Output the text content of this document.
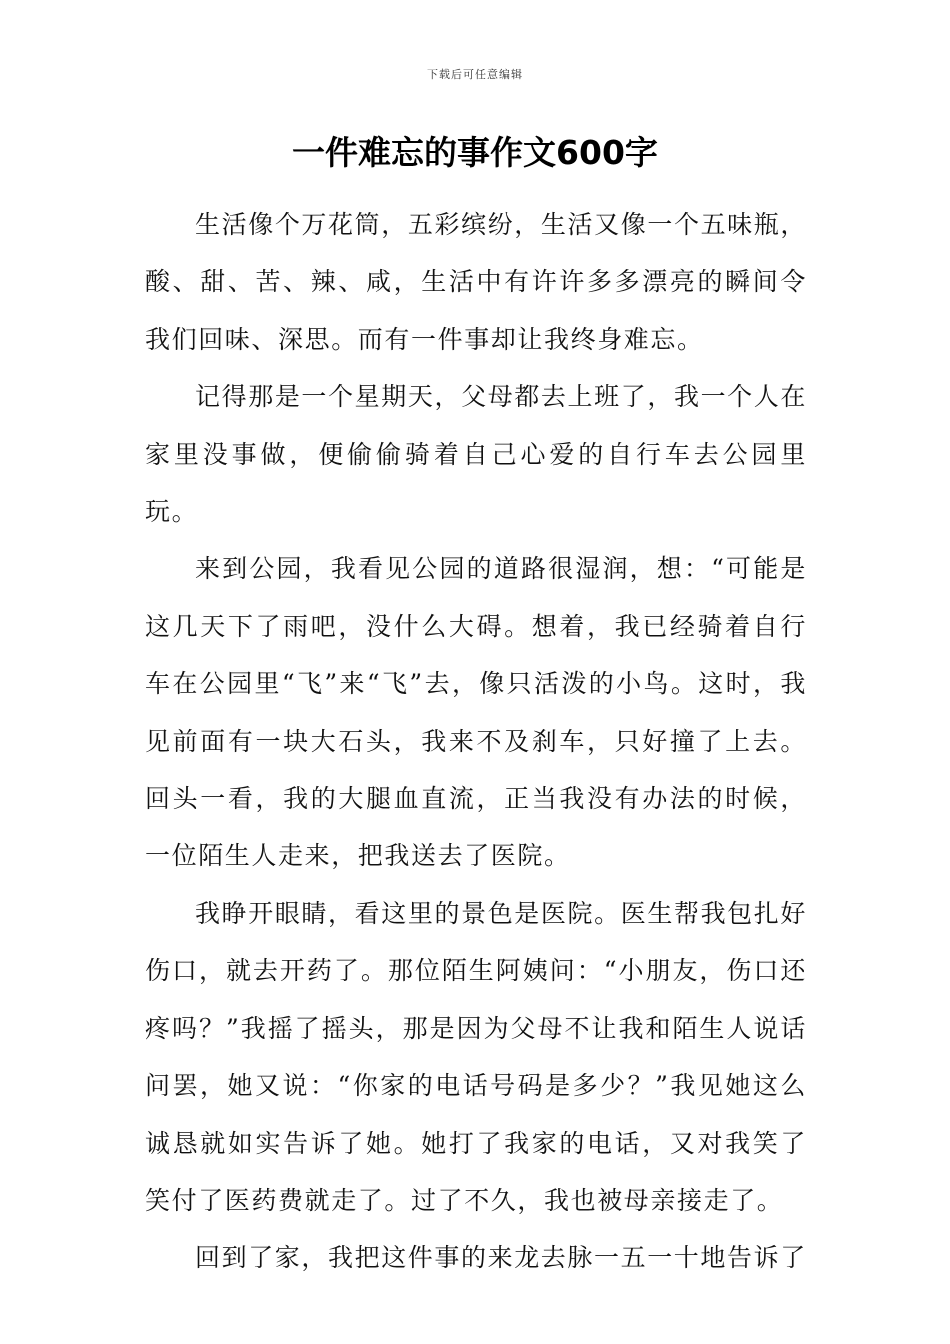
下载后可任意编辑
一件难忘的事作文600字

生活像个万花筒，五彩缤纷，生活又像一个五味瓶，酸、甜、苦、辣、咸，生活中有许许多多漂亮的瞬间令我们回味、深思。而有一件事却让我终身难忘。

记得那是一个星期天，父母都去上班了，我一个人在家里没事做，便偷偷骑着自己心爱的自行车去公园里玩。

来到公园，我看见公园的道路很湿润，想：“可能是这几天下了雨吧，没什么大碍。想着，我已经骑着自行车在公园里“飞”来“飞”去，像只活泼的小鸟。这时，我见前面有一块大石头，我来不及刹车，只好撞了上去。回头一看，我的大腿血直流，正当我没有办法的时候，一位陌生人走来，把我送去了医院。

我睁开眼睛，看这里的景色是医院。医生帮我包扎好伤口，就去开药了。那位陌生阿姨问：“小朋友，伤口还疼吗？”我摇了摇头，那是因为父母不让我和陌生人说话问罢，她又说：“你家的电话号码是多少？”我见她这么诚恳就如实告诉了她。她打了我家的电话，又对我笑了笑付了医药费就走了。过了不久，我也被母亲接走了。

回到了家，我把这件事的来龙去脉一五一十地告诉了
